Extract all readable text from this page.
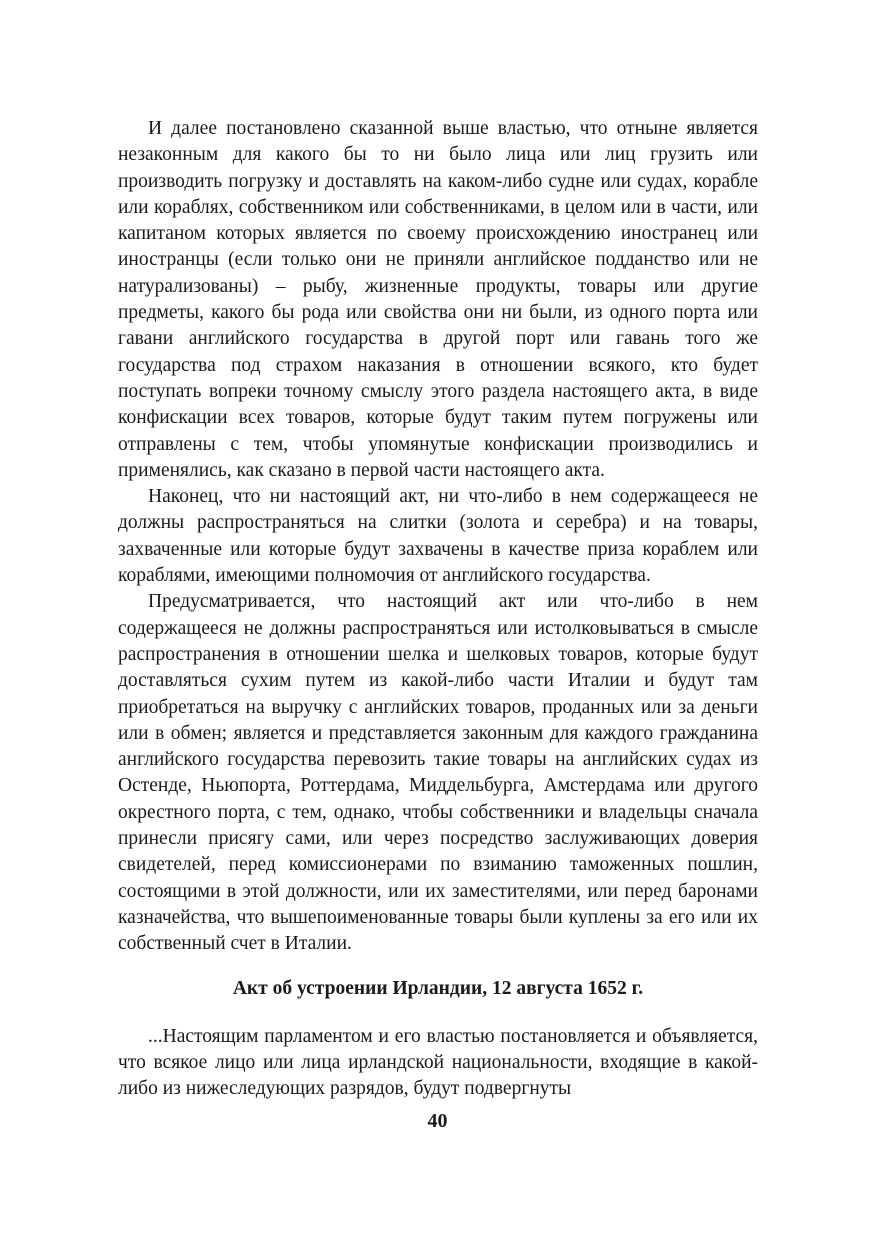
И далее постановлено сказанной выше властью, что отныне является незаконным для какого бы то ни было лица или лиц грузить или производить погрузку и доставлять на каком-либо судне или судах, корабле или кораблях, собственником или собственниками, в целом или в части, или капитаном которых является по своему происхождению иностранец или иностранцы (если только они не приняли английское подданство или не натурализованы) – рыбу, жизненные продукты, товары или другие предметы, какого бы рода или свойства они ни были, из одного порта или гавани английского государства в другой порт или гавань того же государства под страхом наказания в отношении всякого, кто будет поступать вопреки точному смыслу этого раздела настоящего акта, в виде конфискации всех товаров, которые будут таким путем погружены или отправлены с тем, чтобы упомянутые конфискации производились и применялись, как сказано в первой части настоящего акта.

Наконец, что ни настоящий акт, ни что-либо в нем содержащееся не должны распространяться на слитки (золота и серебра) и на товары, захваченные или которые будут захвачены в качестве приза кораблем или кораблями, имеющими полномочия от английского государства.

Предусматривается, что настоящий акт или что-либо в нем содержащееся не должны распространяться или истолковываться в смысле распространения в отношении шелка и шелковых товаров, которые будут доставляться сухим путем из какой-либо части Италии и будут там приобретаться на выручку с английских товаров, проданных или за деньги или в обмен; является и представляется законным для каждого гражданина английского государства перевозить такие товары на английских судах из Остенде, Ньюпорта, Роттердама, Миддельбурга, Амстердама или другого окрестного порта, с тем, однако, чтобы собственники и владельцы сначала принесли присягу сами, или через посредство заслуживающих доверия свидетелей, перед комиссионерами по взиманию таможенных пошлин, состоящими в этой должности, или их заместителями, или перед баронами казначейства, что вышепоименованные товары были куплены за его или их собственный счет в Италии.

Акт об устроении Ирландии, 12 августа 1652 г.

...Настоящим парламентом и его властью постановляется и объявляется, что всякое лицо или лица ирландской национальности, входящие в какой-либо из нижеследующих разрядов, будут подвергнуты

40
